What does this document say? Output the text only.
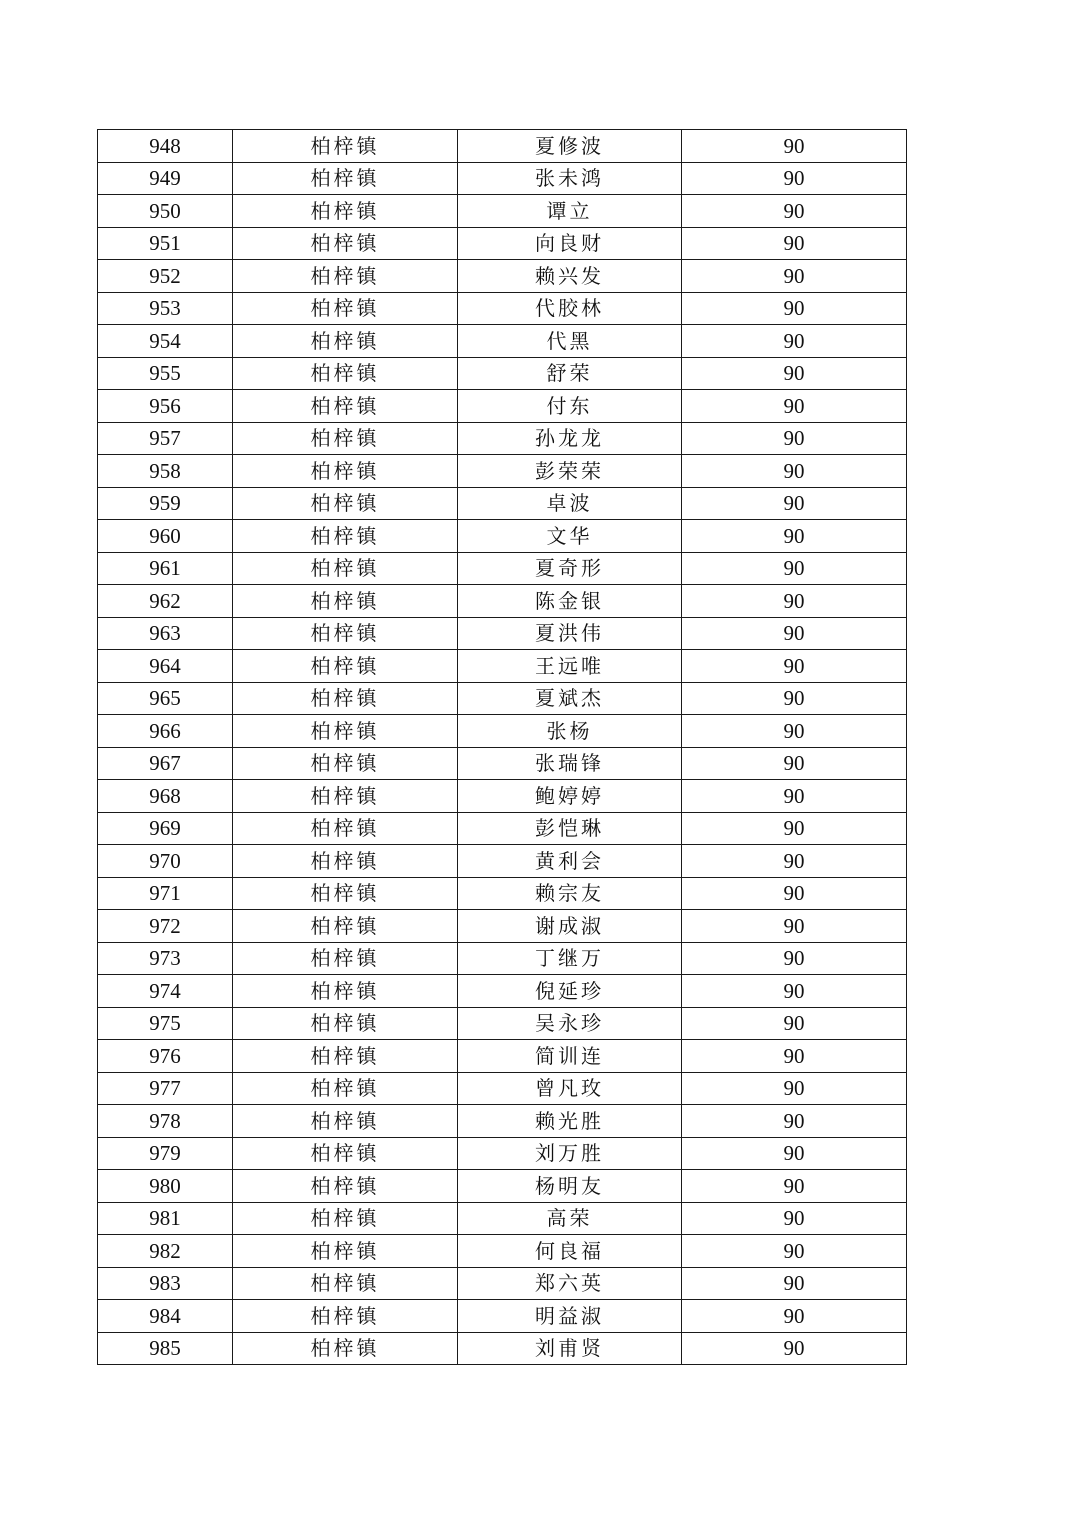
948	柏梓镇	夏修波	90
949	柏梓镇	张未鸿	90
950	柏梓镇	谭立	90
951	柏梓镇	向良财	90
952	柏梓镇	赖兴发	90
953	柏梓镇	代胶林	90
954	柏梓镇	代黑	90
955	柏梓镇	舒荣	90
956	柏梓镇	付东	90
957	柏梓镇	孙龙龙	90
958	柏梓镇	彭荣荣	90
959	柏梓镇	卓波	90
960	柏梓镇	文华	90
961	柏梓镇	夏奇形	90
962	柏梓镇	陈金银	90
963	柏梓镇	夏洪伟	90
964	柏梓镇	王远唯	90
965	柏梓镇	夏斌杰	90
966	柏梓镇	张杨	90
967	柏梓镇	张瑞锋	90
968	柏梓镇	鲍婷婷	90
969	柏梓镇	彭恺琳	90
970	柏梓镇	黄利会	90
971	柏梓镇	赖宗友	90
972	柏梓镇	谢成淑	90
973	柏梓镇	丁继万	90
974	柏梓镇	倪延珍	90
975	柏梓镇	吴永珍	90
976	柏梓镇	简训连	90
977	柏梓镇	曾凡玫	90
978	柏梓镇	赖光胜	90
979	柏梓镇	刘万胜	90
980	柏梓镇	杨明友	90
981	柏梓镇	高荣	90
982	柏梓镇	何良福	90
983	柏梓镇	郑六英	90
984	柏梓镇	明益淑	90
985	柏梓镇	刘甫贤	90
